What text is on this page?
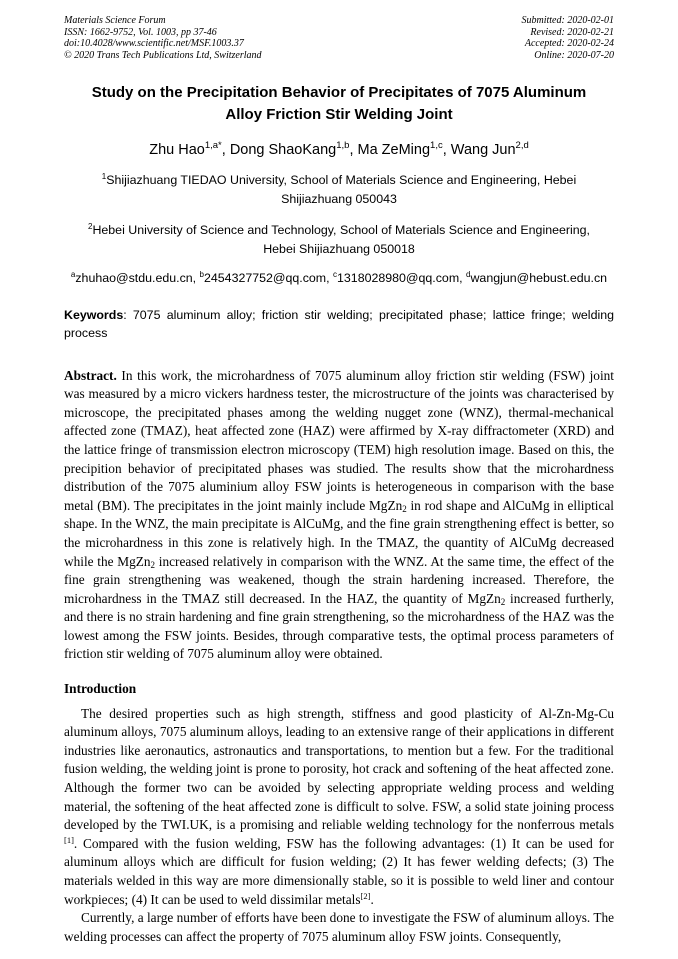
Materials Science Forum
ISSN: 1662-9752, Vol. 1003, pp 37-46
doi:10.4028/www.scientific.net/MSF.1003.37
© 2020 Trans Tech Publications Ltd, Switzerland
Submitted: 2020-02-01
Revised: 2020-02-21
Accepted: 2020-02-24
Online: 2020-07-20
Study on the Precipitation Behavior of Precipitates of 7075 Aluminum
Alloy Friction Stir Welding Joint
Zhu Hao$^{1,a*}$, Dong ShaoKang$^{1,b}$, Ma ZeMing$^{1,c}$, Wang Jun$^{2,d}$
$^1$Shijiazhuang TIEDAO University, School of Materials Science and Engineering, Hebei
Shijiazhuang 050043
$^2$Hebei University of Science and Technology, School of Materials Science and Engineering,
Hebei Shijiazhuang 050018
$^a$zhuhao@stdu.edu.cn, $^b$2454327752@qq.com, $^c$1318028980@qq.com, $^d$wangjun@hebust.edu.cn
Keywords: 7075 aluminum alloy; friction stir welding; precipitated phase; lattice fringe; welding process
Abstract. In this work, the microhardness of 7075 aluminum alloy friction stir welding (FSW) joint was measured by a micro vickers hardness tester, the microstructure of the joints was characterised by microscope, the precipitated phases among the welding nugget zone (WNZ), thermal-mechanical affected zone (TMAZ), heat affected zone (HAZ) were affirmed by X-ray diffractometer (XRD) and the lattice fringe of transmission electron microscopy (TEM) high resolution image. Based on this, the precipition behavior of precipitated phases was studied. The results show that the microhardness distribution of the 7075 aluminium alloy FSW joints is heterogeneous in comparison with the base metal (BM). The precipitates in the joint mainly include MgZn$_2$ in rod shape and AlCuMg in elliptical shape. In the WNZ, the main precipitate is AlCuMg, and the fine grain strengthening effect is better, so the microhardness in this zone is relatively high. In the TMAZ, the quantity of AlCuMg decreased while the MgZn$_2$ increased relatively in comparison with the WNZ. At the same time, the effect of the fine grain strengthening was weakened, though the strain hardening increased. Therefore, the microhardness in the TMAZ still decreased. In the HAZ, the quantity of MgZn$_2$ increased furtherly, and there is no strain hardening and fine grain strengthening, so the microhardness of the HAZ was the lowest among the FSW joints. Besides, through comparative tests, the optimal process parameters of friction stir welding of 7075 aluminum alloy were obtained.
Introduction
The desired properties such as high strength, stiffness and good plasticity of Al-Zn-Mg-Cu aluminum alloys, 7075 aluminum alloys, leading to an extensive range of their applications in different industries like aeronautics, astronautics and transportations, to mention but a few. For the traditional fusion welding, the welding joint is prone to porosity, hot crack and softening of the heat affected zone. Although the former two can be avoided by selecting appropriate welding process and welding material, the softening of the heat affected zone is difficult to solve. FSW, a solid state joining process developed by the TWI.UK, is a promising and reliable welding technology for the nonferrous metals [1]. Compared with the fusion welding, FSW has the following advantages: (1) It can be used for aluminum alloys which are difficult for fusion welding; (2) It has fewer welding defects; (3) The materials welded in this way are more dimensionally stable, so it is possible to weld liner and contour workpieces; (4) It can be used to weld dissimilar metals[2].
Currently, a large number of efforts have been done to investigate the FSW of aluminum alloys. The welding processes can affect the property of 7075 aluminum alloy FSW joints. Consequently,
